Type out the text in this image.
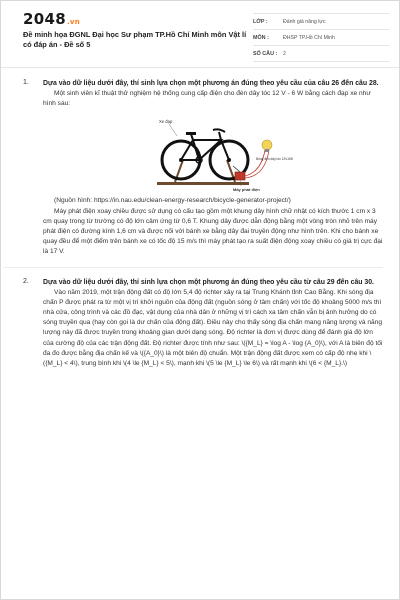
2048.vn
Đề minh họa ĐGNL Đại học Sư phạm TP.Hồ Chí Minh môn Vật lí có đáp án - Đề số 5
LỚP :	Đánh giá năng lực
MÔN :	ĐHSP TP.Hồ Chí Minh
SỐ CÂU :	2
1. Dựa vào dữ liệu dưới đây, thí sinh lựa chọn một phương án đúng theo yêu cầu của câu 26 đến câu 28.

Một sinh viên kĩ thuật thử nghiệm hệ thống cung cấp điện cho đèn dây tóc 12 V - 6 W bằng cách đạp xe như hình sau:

Xe đạp
Bóng đèn dây tóc 12V-6W
Máy phát điện

(Nguồn hình: https://in.nau.edu/clean-energy-research/bicycle-generator-project/)

Máy phát điện xoay chiều được sử dụng có cấu tạo gồm một khung dây hình chữ nhật có kích thước 1 cm x 3 cm quay trong từ trường có độ lớn cảm ứng từ 0,6 T. Khung dây được dẫn động bằng một vòng tròn nhỏ trên máy phát điện có đường kính 1,6 cm và được nối với bánh xe bằng dây đai truyền động như hình trên. Khi cho bánh xe quay đều để một điểm trên bánh xe có tốc độ 15 m/s thì máy phát tạo ra suất điện động xoay chiều có giá trị cực đại là 17 V.

2. Dựa vào dữ liệu dưới đây, thí sinh lựa chọn một phương án đúng theo yêu cầu từ câu 29 đến câu 30.

Vào năm 2019, một trận động đất có độ lớn 5,4 độ richter xảy ra tại Trung Khánh tỉnh Cao Bằng. Khi sóng địa chấn P được phát ra từ một vị trí khởi nguồn của động đất (nguồn sóng ở tâm chấn) với tốc độ khoảng 5000 m/s thì nhà cửa, công trình và các đồ đạc, vật dụng của nhà dân ở những vị trí cách xa tâm chấn vẫn bị ảnh hưởng do có sóng truyền qua (hay còn gọi là dư chấn của động đất). Điều này cho thấy sóng địa chấn mang năng lượng và năng lượng này đã được truyền trong khoảng gian dưới dạng sóng. Độ richter là đơn vị được dùng để đánh giá độ lớn của cường độ của các trận động đất. Độ richter được tính như sau: \({M_L} = \log A - \log {A_0}\), với A là biên độ tối đa đo được bằng địa chấn kế và \({A_0}\) là một biên độ chuẩn. Một trận động đất được xem có cấp độ nhẹ khi \({M_L} < 4\), trung bình khi \(4 \le {M_L} < 5\), mạnh khi \(5 \le {M_L} \le 6\) và rất mạnh khi \(6 < {M_L}.\)
